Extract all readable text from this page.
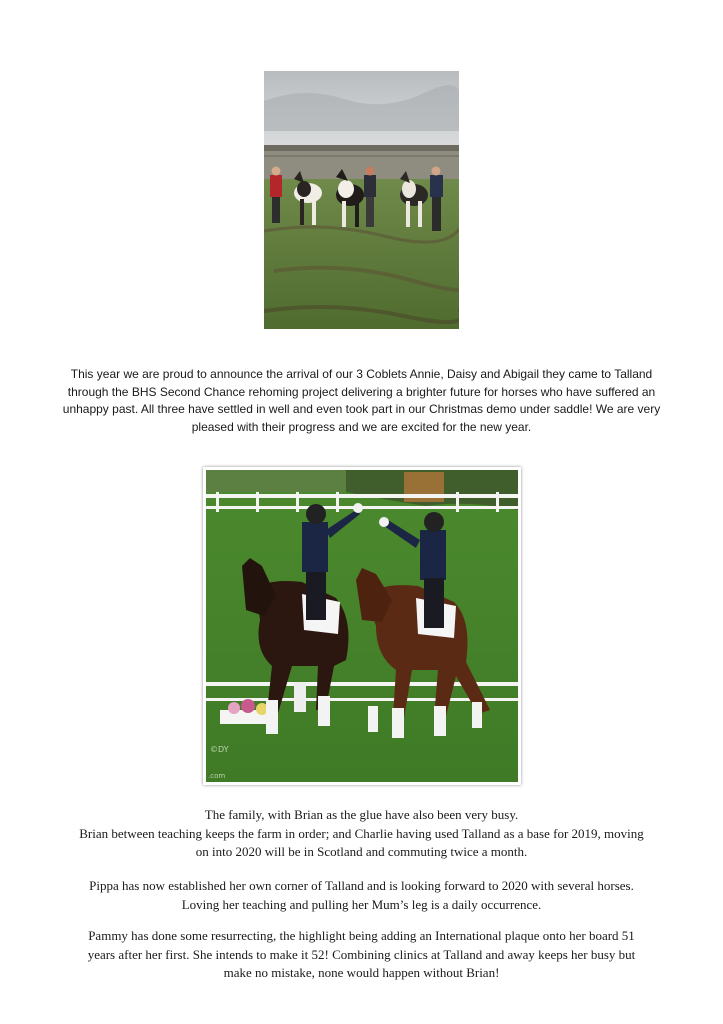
This year we are proud to announce the arrival of our 3 Coblets Annie, Daisy and Abigail they came to Talland
through the BHS Second Chance rehoming project delivering a brighter future for horses who have suffered an
unhappy past. All three have settled in well and even took part in our Christmas demo under saddle! We are very
pleased with their progress and we are excited for the new year.

©DY
.com

The family, with Brian as the glue have also been very busy.
Brian between teaching keeps the farm in order; and Charlie having used Talland as a base for 2019, moving
on into 2020 will be in Scotland and commuting twice a month.

Pippa has now established her own corner of Talland and is looking forward to 2020 with several horses.
Loving her teaching and pulling her Mum’s leg is a daily occurrence.

Pammy has done some resurrecting, the highlight being adding an International plaque onto her board 51
years after her first. She intends to make it 52! Combining clinics at Talland and away keeps her busy but
make no mistake, none would happen without Brian!
